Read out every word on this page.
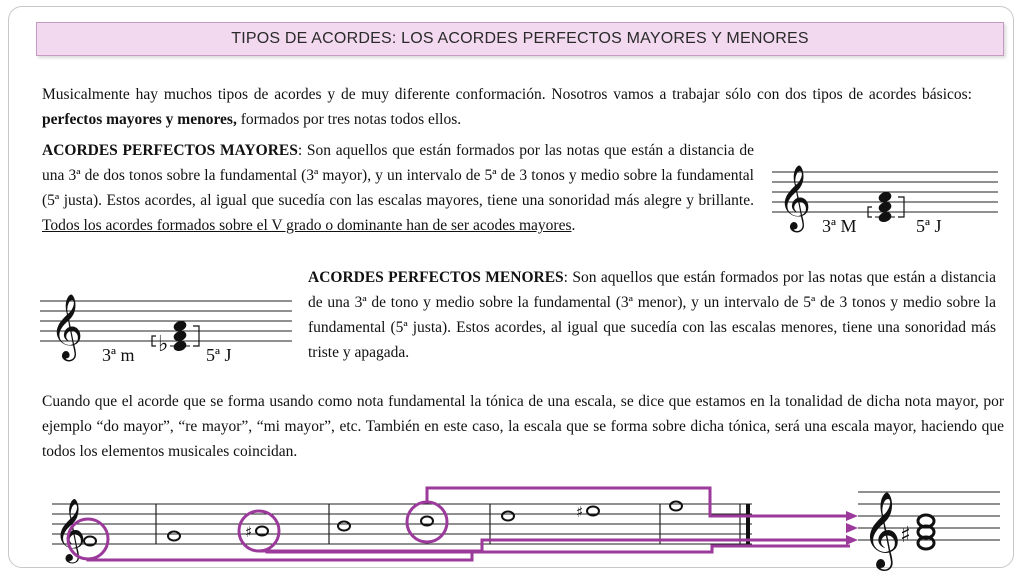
TIPOS DE ACORDES: LOS ACORDES PERFECTOS MAYORES Y MENORES
Musicalmente hay muchos tipos de acordes y de muy diferente conformación. Nosotros vamos a trabajar sólo con dos tipos de acordes básicos: perfectos mayores y menores, formados por tres notas todos ellos.
ACORDES PERFECTOS MAYORES: Son aquellos que están formados por las notas que están a distancia de una 3ª de dos tonos sobre la fundamental (3ª mayor), y un intervalo de 5ª de 3 tonos y medio sobre la fundamental (5ª justa). Estos acordes, al igual que sucedía con las escalas mayores, tiene una sonoridad más alegre y brillante. Todos los acordes formados sobre el V grado o dominante han de ser acodes mayores.	𝄞 3ª M	5ª J
𝄞	♭
3ª m	5ª J
ACORDES PERFECTOS MENORES: Son aquellos que están formados por las notas que están a distancia de una 3ª de tono y medio sobre la fundamental (3ª menor), y un intervalo de 5ª de 3 tonos y medio sobre la fundamental (5ª justa). Estos acordes, al igual que sucedía con las escalas menores, tiene una sonoridad más triste y apagada.
Cuando que el acorde que se forma usando como nota fundamental la tónica de una escala, se dice que estamos en la tonalidad de dicha nota mayor, por ejemplo “do mayor”, “re mayor”, “mi mayor”, etc. También en este caso, la escala que se forma sobre dicha tónica, será una escala mayor, haciendo que todos los elementos musicales coincidan.
𝄞	♯
♯	𝄞
♯
